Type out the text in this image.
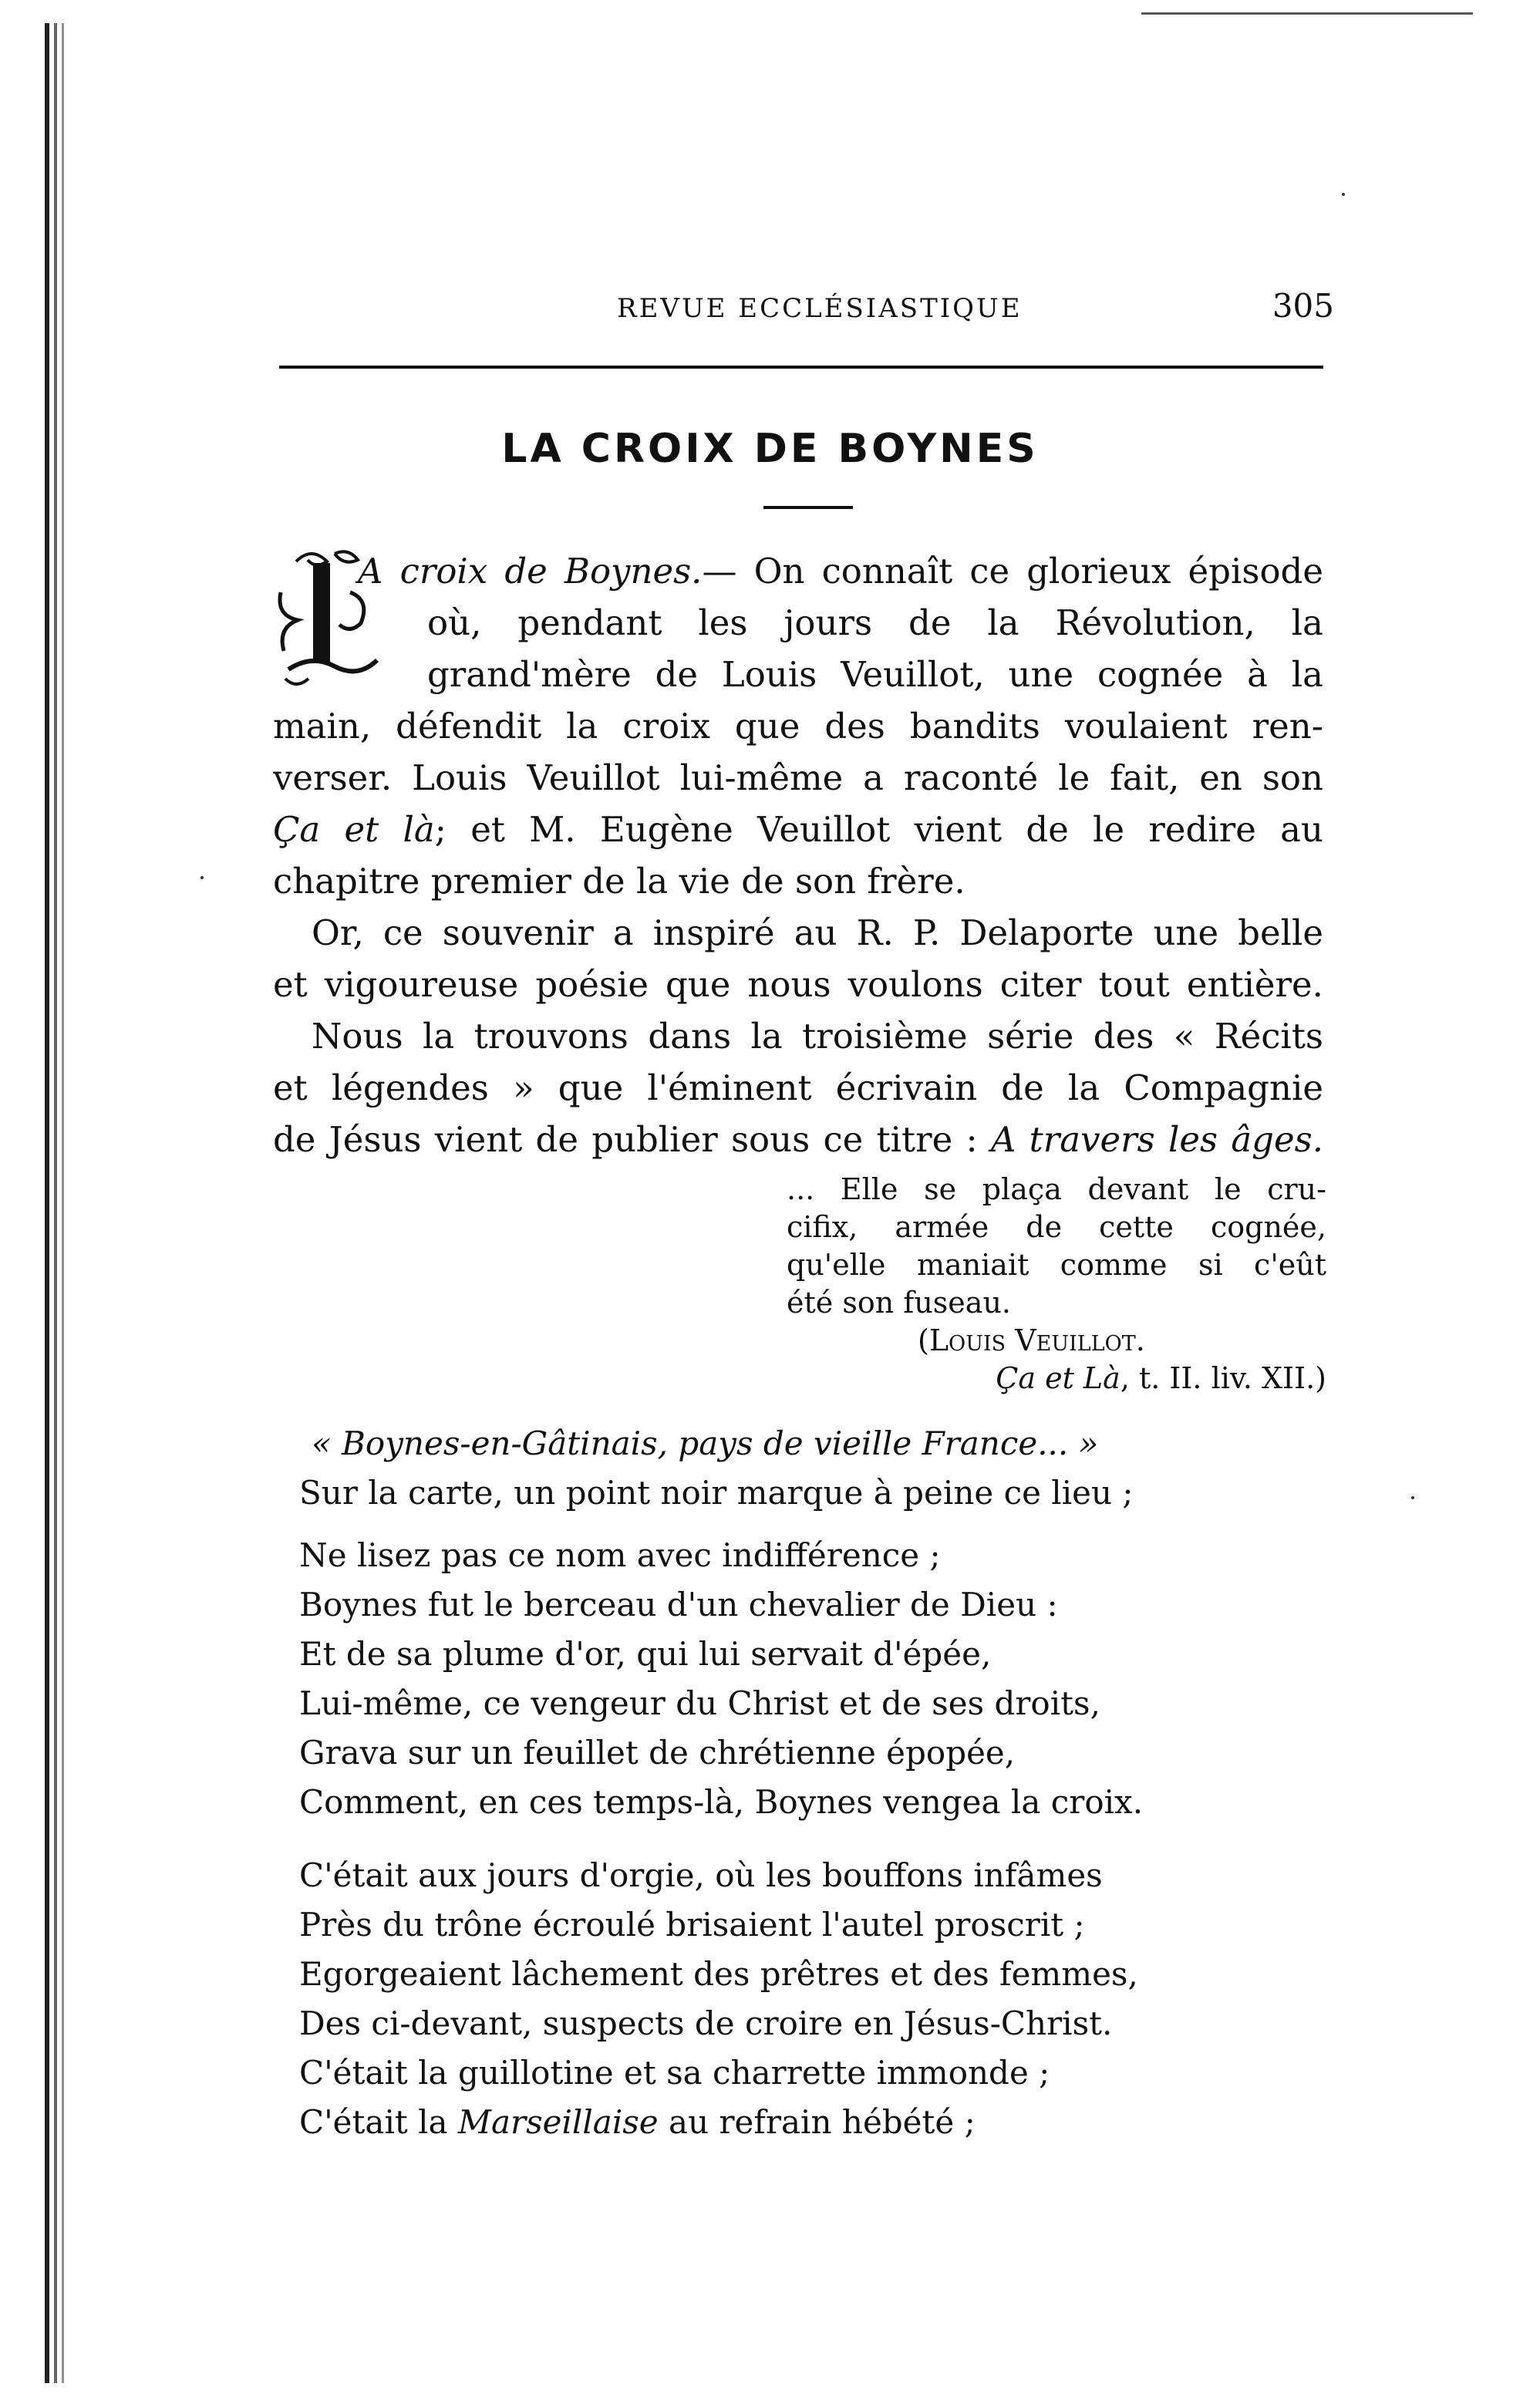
REVUE ECCLÉSIASTIQUE	305
LA CROIX DE BOYNES
L
A croix de Boynes.— On connaît ce glorieux épisode
où, pendant les jours de la Révolution, la
grand'mère de Louis Veuillot, une cognée à la
main, défendit la croix que des bandits voulaient ren-
verser. Louis Veuillot lui-même a raconté le fait, en son
Ça et là; et M. Eugène Veuillot vient de le redire au
chapitre premier de la vie de son frère.
Or, ce souvenir a inspiré au R. P. Delaporte une belle
et vigoureuse poésie que nous voulons citer tout entière.
Nous la trouvons dans la troisième série des « Récits
et légendes » que l'éminent écrivain de la Compagnie
de Jésus vient de publier sous ce titre : A travers les âges.
... Elle se plaça devant le cru-
cifix, armée de cette cognée,
qu'elle maniait comme si c'eût
été son fuseau.
(Louis Veuillot.
Ça et Là, t. II. liv. XII.)
« Boynes-en-Gâtinais, pays de vieille France... »
Sur la carte, un point noir marque à peine ce lieu ;
Ne lisez pas ce nom avec indifférence ;
Boynes fut le berceau d'un chevalier de Dieu :
Et de sa plume d'or, qui lui servait d'épée,
Lui-même, ce vengeur du Christ et de ses droits,
Grava sur un feuillet de chrétienne épopée,
Comment, en ces temps-là, Boynes vengea la croix.
C'était aux jours d'orgie, où les bouffons infâmes
Près du trône écroulé brisaient l'autel proscrit ;
Egorgeaient lâchement des prêtres et des femmes,
Des ci-devant, suspects de croire en Jésus-Christ.
C'était la guillotine et sa charrette immonde ;
C'était la Marseillaise au refrain hébété ;
